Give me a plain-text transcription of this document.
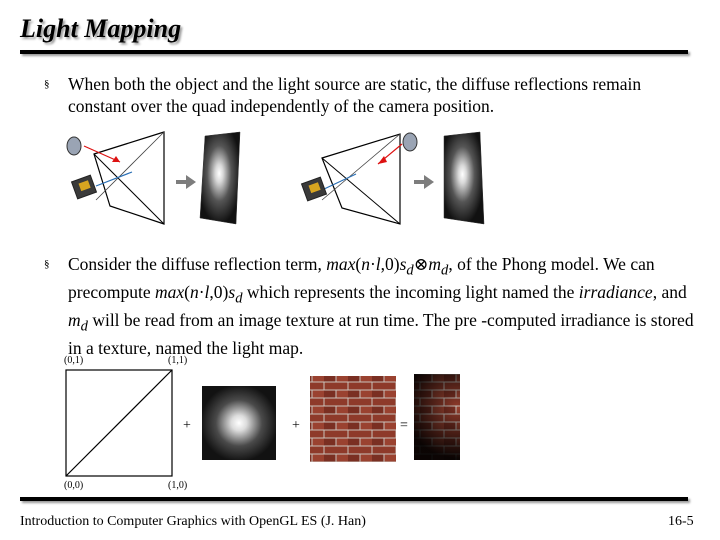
Light Mapping
§ When both the object and the light source are static, the diffuse reflections remain constant over the quad independently of the camera position.
§ Consider the diffuse reflection term, $\max(n\cdot l,0)s_d\otimes m_d$, of the Phong model. We can precompute $\max(n\cdot l,0)s_d$ which represents the incoming light named the irradiance, and $m_d$ will be read from an image texture at run time. The pre -computed irradiance is stored in a texture, named the light map.
(0,1)	(1,1)
(0,0)	(1,0)
+	+	=
Introduction to Computer Graphics with OpenGL ES (J. Han)	16-5
